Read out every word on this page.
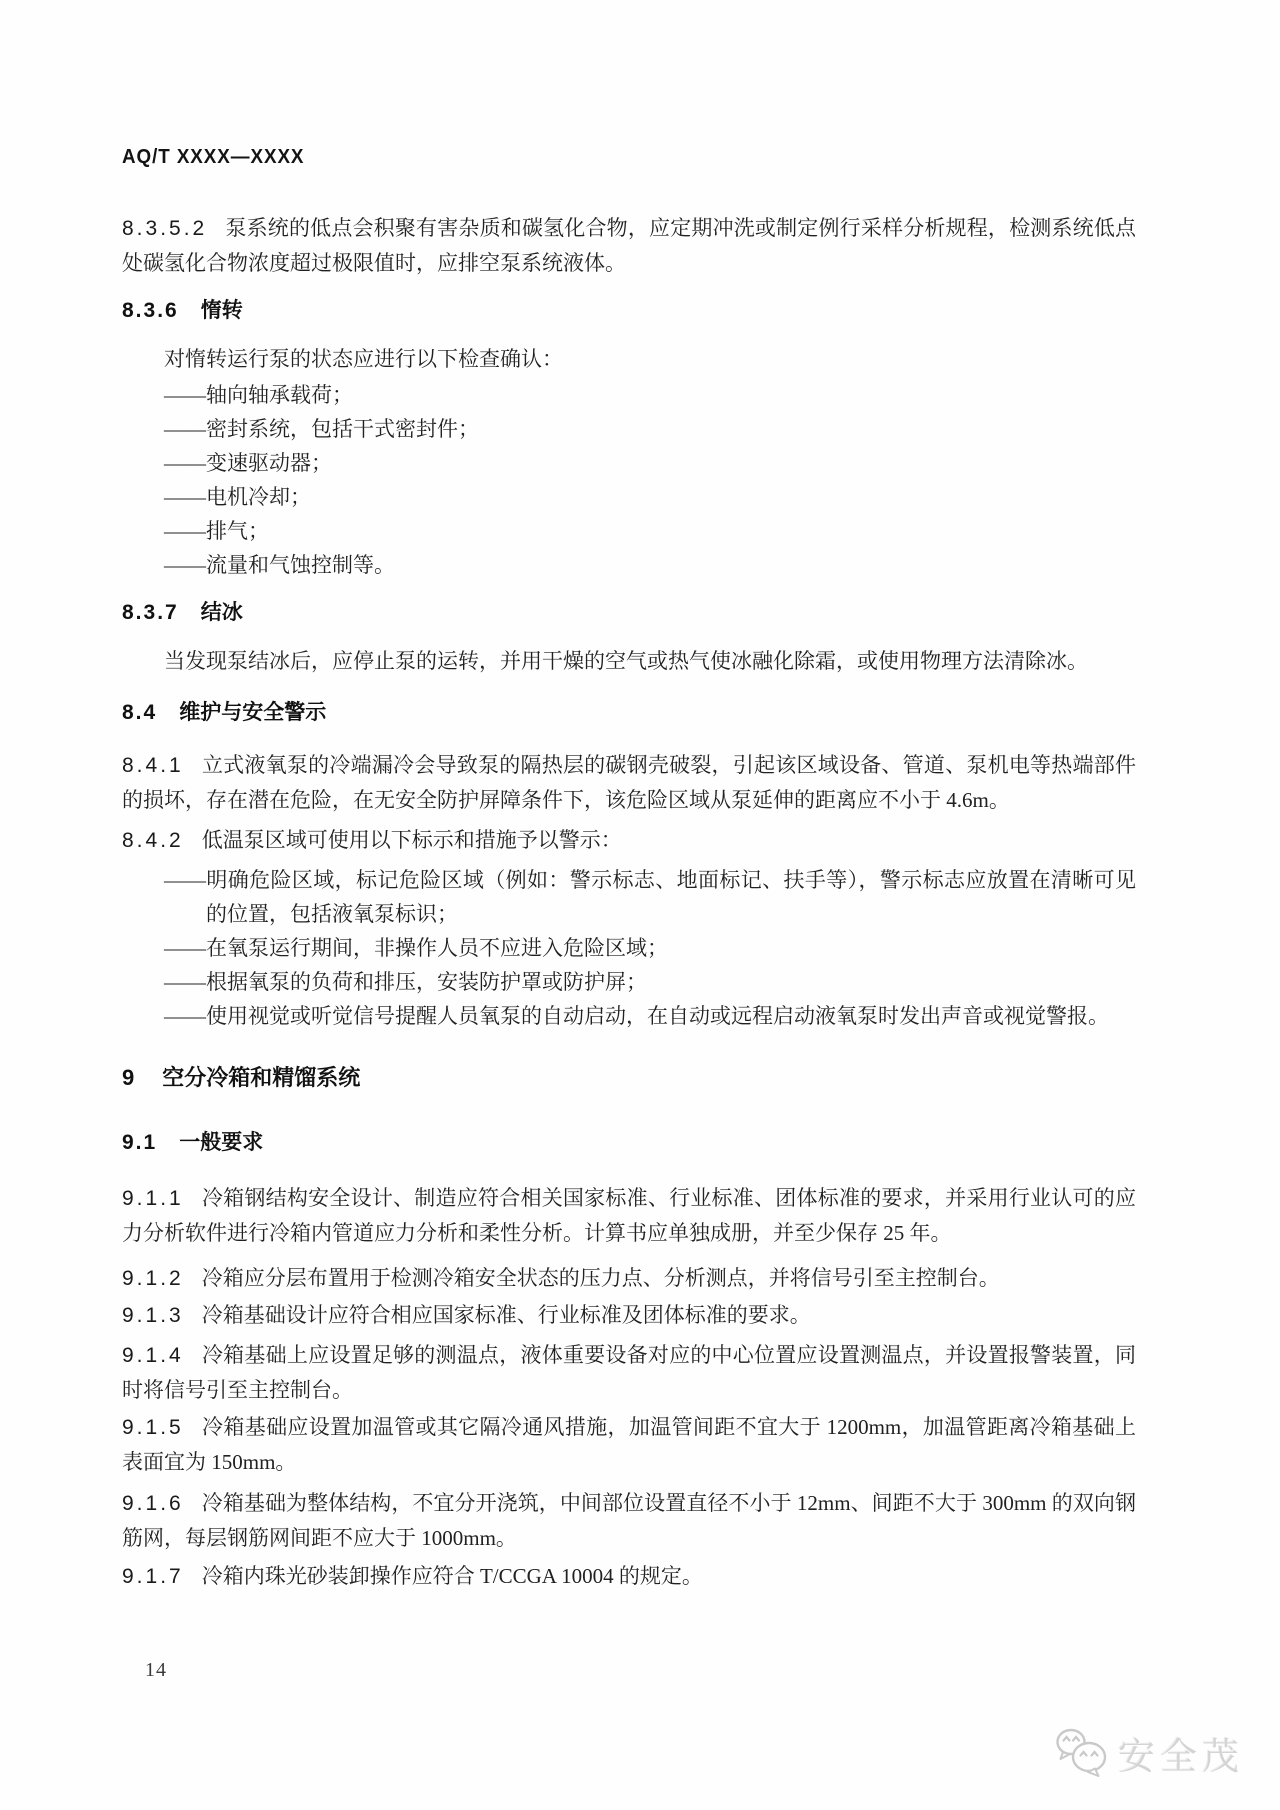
AQ/T XXXX—XXXX

8.3.5.2 泵系统的低点会积聚有害杂质和碳氢化合物，应定期冲洗或制定例行采样分析规程，检测系统低点处碳氢化合物浓度超过极限值时，应排空泵系统液体。

8.3.6 惰转

对惰转运行泵的状态应进行以下检查确认：

——轴向轴承载荷；

——密封系统，包括干式密封件；

——变速驱动器；

——电机冷却；

——排气；

——流量和气蚀控制等。

8.3.7 结冰

当发现泵结冰后，应停止泵的运转，并用干燥的空气或热气使冰融化除霜，或使用物理方法清除冰。

8.4 维护与安全警示

8.4.1 立式液氧泵的冷端漏冷会导致泵的隔热层的碳钢壳破裂，引起该区域设备、管道、泵机电等热端部件的损坏，存在潜在危险，在无安全防护屏障条件下，该危险区域从泵延伸的距离应不小于 4.6m。

8.4.2 低温泵区域可使用以下标示和措施予以警示：

——明确危险区域，标记危险区域（例如：警示标志、地面标记、扶手等），警示标志应放置在清晰可见的位置，包括液氧泵标识；

——在氧泵运行期间，非操作人员不应进入危险区域；

——根据氧泵的负荷和排压，安装防护罩或防护屏；

——使用视觉或听觉信号提醒人员氧泵的自动启动，在自动或远程启动液氧泵时发出声音或视觉警报。

9 空分冷箱和精馏系统
9.1 一般要求

9.1.1 冷箱钢结构安全设计、制造应符合相关国家标准、行业标准、团体标准的要求，并采用行业认可的应力分析软件进行冷箱内管道应力分析和柔性分析。计算书应单独成册，并至少保存 25 年。

9.1.2 冷箱应分层布置用于检测冷箱安全状态的压力点、分析测点，并将信号引至主控制台。

9.1.3 冷箱基础设计应符合相应国家标准、行业标准及团体标准的要求。

9.1.4 冷箱基础上应设置足够的测温点，液体重要设备对应的中心位置应设置测温点，并设置报警装置，同时将信号引至主控制台。

9.1.5 冷箱基础应设置加温管或其它隔冷通风措施，加温管间距不宜大于 1200mm，加温管距离冷箱基础上表面宜为 150mm。

9.1.6 冷箱基础为整体结构，不宜分开浇筑，中间部位设置直径不小于 12mm、间距不大于 300mm 的双向钢筋网，每层钢筋网间距不应大于 1000mm。

9.1.7 冷箱内珠光砂装卸操作应符合 T/CCGA 10004 的规定。

14
安全茂
